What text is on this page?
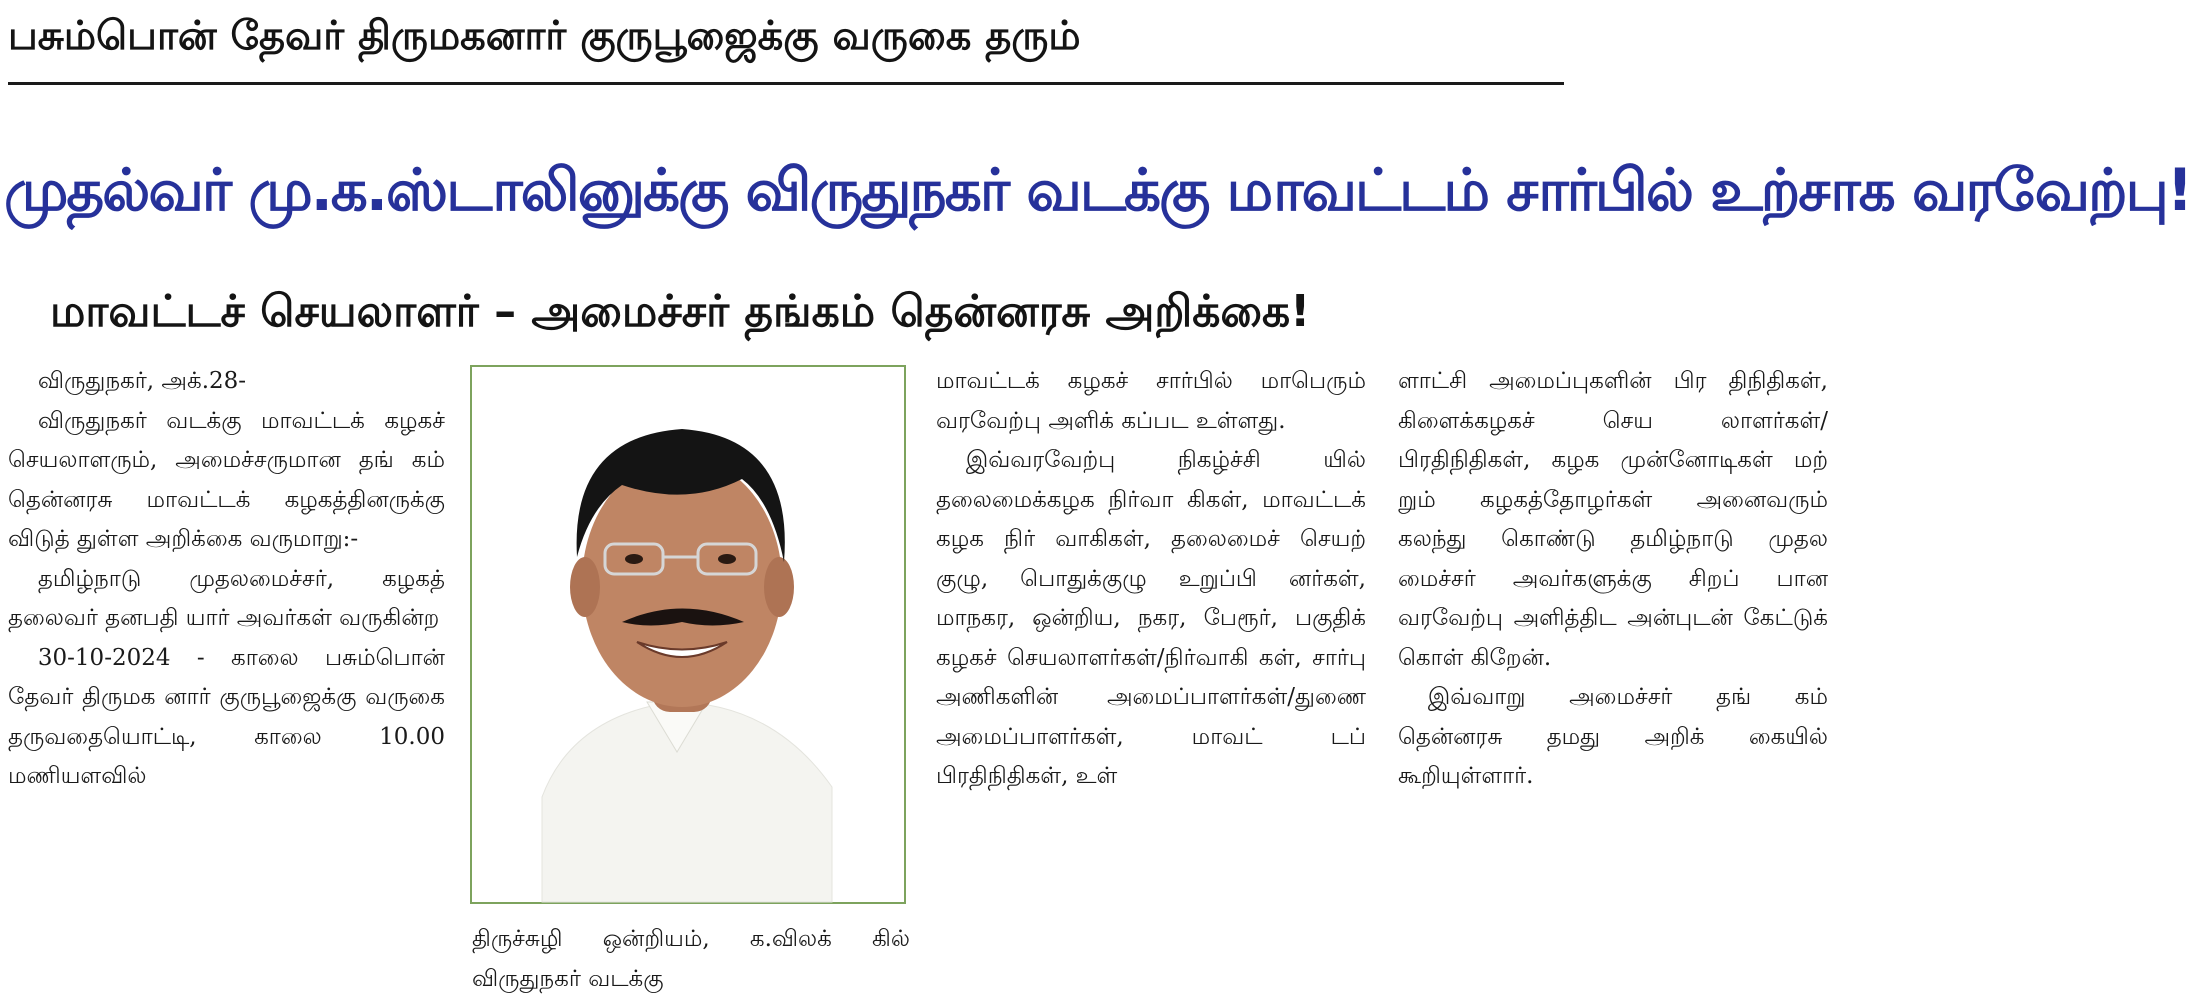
பசும்பொன் தேவர் திருமகனார் குருபூஜைக்கு வருகை தரும்
முதல்வர் மு.க.ஸ்டாலினுக்கு விருதுநகர் வடக்கு மாவட்டம் சார்பில் உற்சாக வரவேற்பு!
மாவட்டச் செயலாளர் – அமைச்சர் தங்கம் தென்னரசு அறிக்கை!

விருதுநகர், அக்.28-

விருதுநகர் வடக்கு மாவட்டக் கழகச் செயலாளரும், அமைச்சருமான தங் கம் தென்னரசு மாவட்டக் கழகத்தினருக்கு விடுத் துள்ள அறிக்கை வருமாறு:-

தமிழ்நாடு முதலமைச்சர், கழகத் தலைவர் தனபதி யார் அவர்கள் வருகின்ற

30-10-2024 - காலை பசும்பொன் தேவர் திருமக னார் குருபூஜைக்கு வருகை தருவதையொட்டி, காலை 10.00 மணியளவில்

திருச்சுழி ஒன்றியம், க.விலக் கில் விருதுநகர் வடக்கு

மாவட்டக் கழகச் சார்பில் மாபெரும் வரவேற்பு அளிக் கப்பட உள்ளது.

இவ்வரவேற்பு நிகழ்ச்சி யில் தலைமைக்கழக நிர்வா கிகள், மாவட்டக் கழக நிர் வாகிகள், தலைமைச் செயற் குழு, பொதுக்குழு உறுப்பி னர்கள், மாநகர, ஒன்றிய, நகர, பேரூர், பகுதிக் கழகச் செயலாளர்கள்/நிர்வாகி கள், சார்பு அணிகளின் அமைப்பாளர்கள்/துணை அமைப்பாளர்கள், மாவட் டப் பிரதிநிதிகள், உள்

ளாட்சி அமைப்புகளின் பிர திநிதிகள், கிளைக்கழகச் செய லாளர்கள்/பிரதிநிதிகள், கழக முன்னோடிகள் மற் றும் கழகத்தோழர்கள் அனைவரும் கலந்து கொண்டு தமிழ்நாடு முதல மைச்சர் அவர்களுக்கு சிறப் பான வரவேற்பு அளித்திட அன்புடன் கேட்டுக் கொள் கிறேன்.

இவ்வாறு அமைச்சர் தங் கம் தென்னரசு தமது அறிக் கையில் கூறியுள்ளார்.
